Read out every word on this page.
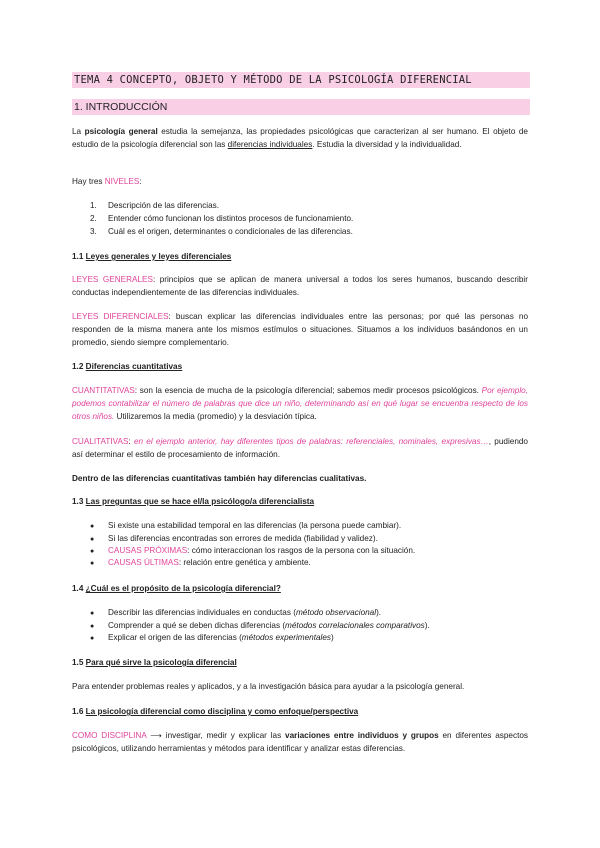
TEMA 4 CONCEPTO, OBJETO Y MÉTODO DE LA PSICOLOGÍA DIFERENCIAL
1. INTRODUCCIÓN
La psicología general estudia la semejanza, las propiedades psicológicas que caracterizan al ser humano. El objeto de estudio de la psicología diferencial son las diferencias individuales. Estudia la diversidad y la individualidad.
Hay tres NIVELES:
1. Descripción de las diferencias.
2. Entender cómo funcionan los distintos procesos de funcionamiento.
3. Cuál es el origen, determinantes o condicionales de las diferencias.
1.1 Leyes generales y leyes diferenciales
LEYES GENERALES: principios que se aplican de manera universal a todos los seres humanos, buscando describir conductas independientemente de las diferencias individuales.
LEYES DIFERENCIALES: buscan explicar las diferencias individuales entre las personas; por qué las personas no responden de la misma manera ante los mismos estímulos o situaciones. Situamos a los individuos basándonos en un promedio, siendo siempre complementario.
1.2 Diferencias cuantitativas
CUANTITATIVAS: son la esencia de mucha de la psicología diferencial; sabemos medir procesos psicológicos. Por ejemplo, podemos contabilizar el número de palabras que dice un niño, determinando así en qué lugar se encuentra respecto de los otros niños. Utilizaremos la media (promedio) y la desviación típica.
CUALITATIVAS: en el ejemplo anterior, hay diferentes tipos de palabras: referenciales, nominales, expresivas…, pudiendo así determinar el estilo de procesamiento de información.
Dentro de las diferencias cuantitativas también hay diferencias cualitativas.
1.3 Las preguntas que se hace el/la psicólogo/a diferencialista
● Si existe una estabilidad temporal en las diferencias (la persona puede cambiar).
● Si las diferencias encontradas son errores de medida (fiabilidad y validez).
● CAUSAS PRÓXIMAS: cómo interaccionan los rasgos de la persona con la situación.
● CAUSAS ÚLTIMAS: relación entre genética y ambiente.
1.4 ¿Cuál es el propósito de la psicología diferencial?
● Describir las diferencias individuales en conductas (método observacional).
● Comprender a qué se deben dichas diferencias (métodos correlacionales comparativos).
● Explicar el origen de las diferencias (métodos experimentales)
1.5 Para qué sirve la psicología diferencial
Para entender problemas reales y aplicados, y a la investigación básica para ayudar a la psicología general.
1.6 La psicología diferencial como disciplina y como enfoque/perspectiva
COMO DISCIPLINA ⟶ investigar, medir y explicar las variaciones entre individuos y grupos en diferentes aspectos psicológicos, utilizando herramientas y métodos para identificar y analizar estas diferencias.
